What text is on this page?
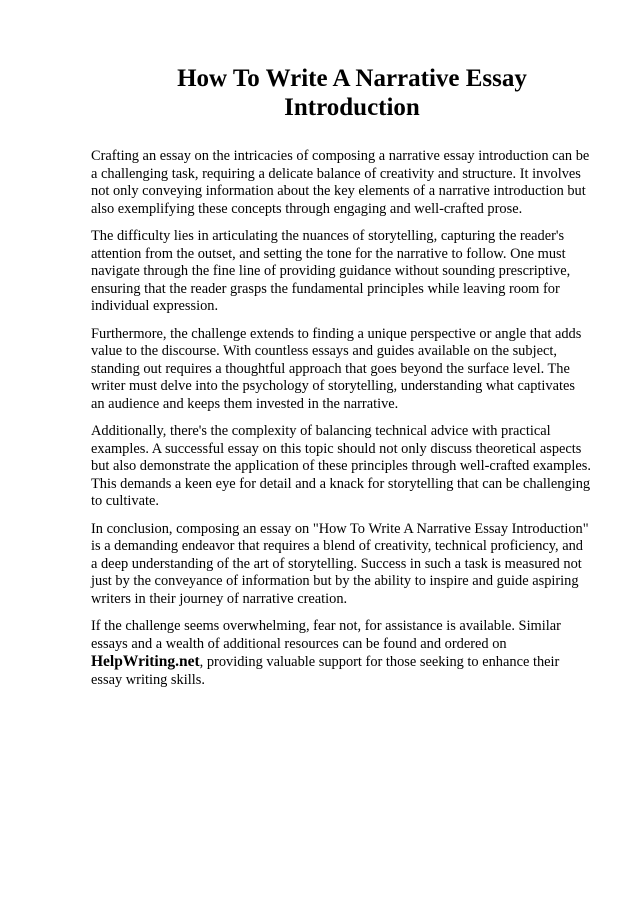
How To Write A Narrative Essay
Introduction

Crafting an essay on the intricacies of composing a narrative essay introduction can be a challenging task, requiring a delicate balance of creativity and structure. It involves not only conveying information about the key elements of a narrative introduction but also exemplifying these concepts through engaging and well-crafted prose.

The difficulty lies in articulating the nuances of storytelling, capturing the reader's attention from the outset, and setting the tone for the narrative to follow. One must navigate through the fine line of providing guidance without sounding prescriptive, ensuring that the reader grasps the fundamental principles while leaving room for individual expression.

Furthermore, the challenge extends to finding a unique perspective or angle that adds value to the discourse. With countless essays and guides available on the subject, standing out requires a thoughtful approach that goes beyond the surface level. The writer must delve into the psychology of storytelling, understanding what captivates an audience and keeps them invested in the narrative.

Additionally, there's the complexity of balancing technical advice with practical examples. A successful essay on this topic should not only discuss theoretical aspects but also demonstrate the application of these principles through well-crafted examples. This demands a keen eye for detail and a knack for storytelling that can be challenging to cultivate.

In conclusion, composing an essay on "How To Write A Narrative Essay Introduction" is a demanding endeavor that requires a blend of creativity, technical proficiency, and a deep understanding of the art of storytelling. Success in such a task is measured not just by the conveyance of information but by the ability to inspire and guide aspiring writers in their journey of narrative creation.

If the challenge seems overwhelming, fear not, for assistance is available. Similar essays and a wealth of additional resources can be found and ordered on HelpWriting.net, providing valuable support for those seeking to enhance their essay writing skills.
